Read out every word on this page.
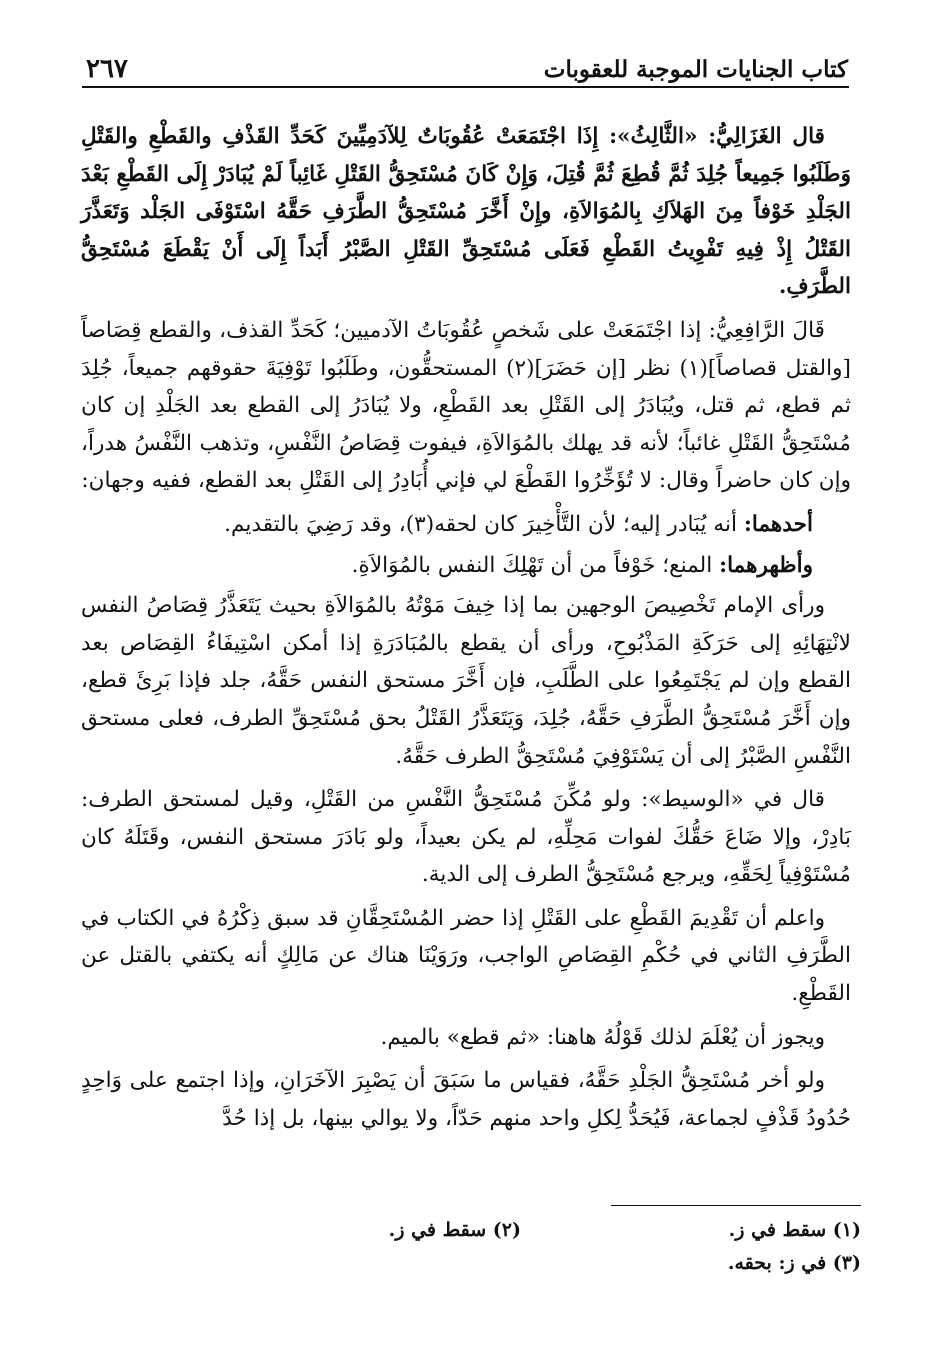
كتاب الجنايات الموجبة للعقوبات
٢٦٧

قال الغَزَالِيُّ: «الثَّالِثُ»: إِذَا اجْتَمَعَتْ عُقُوبَاتٌ لِلآدَمِيِّينَ كَحَدِّ القَذْفِ والقَطْعِ والقَتْلِ وَطَلَبُوا جَمِيعاً جُلِدَ ثُمَّ قُطِعَ ثُمَّ قُتِلَ، وَإِنْ كَانَ مُسْتَحِقُّ القَتْلِ غَائِباً لَمْ يُبَادَرْ إِلَى القَطْعِ بَعْدَ الجَلْدِ خَوْفاً مِنَ الهَلاَكِ بِالمُوَالاَةِ، وإِنْ أَخَّرَ مُسْتَحِقُّ الطَّرَفِ حَقَّهُ اسْتَوْفَى الجَلْد وَتَعَذَّرَ القَتْلُ إِذْ فِيهِ تَفْوِيتُ القَطْعِ فَعَلَى مُسْتَحِقِّ القَتْلِ الصَّبْرُ أَبَداً إِلَى أَنْ يَقْطَعَ مُسْتَحِقُّ الطَّرَفِ.

قَالَ الرَّافِعِيُّ: إذا اجْتَمَعَتْ على شَخصٍ عُقُوبَاتُ الآدميين؛ كَحَدِّ القذف، والقطع قِصَاصاً [والقتل قصاصاً](١) نظر [إن حَضَرَ](٢) المستحقُّون، وطَلَبُوا تَوْفِيَةَ حقوقهم جميعاً، جُلِدَ ثم قطع، ثم قتل، ويُبَادَرُ إلى القَتْلِ بعد القَطْعِ، ولا يُبَادَرُ إلى القطع بعد الجَلْدِ إن كان مُسْتَحِقُّ القَتْلِ غائباً؛ لأنه قد يهلك بالمُوَالاَةِ، فيفوت قِصَاصُ النَّفْسِ، وتذهب النَّفْسُ هدراً، وإن كان حاضراً وقال: لا تُؤَخِّرُوا القَطْعَ لي فإني أُبَادِرُ إلى القَتْلِ بعد القطع، ففيه وجهان:

أحدهما: أنه يُبَادر إليه؛ لأن التَّأْخِيرَ كان لحقه(٣)، وقد رَضِيَ بالتقديم.

وأظهرهما: المنع؛ خَوْفاً من أن تَهْلِكَ النفس بالمُوَالاَةِ.

ورأى الإمام تَخْصِيصَ الوجهين بما إذا خِيفَ مَوْتُهُ بالمُوَالاَةِ بحيث يَتَعَذَّرُ قِصَاصُ النفس لانْتِهَائِهِ إلى حَرَكَةِ المَذْبُوحِ، ورأى أن يقطع بالمُبَادَرَةِ إذا أمكن اسْتِيفَاءُ القِصَاص بعد القطع وإن لم يَجْتَمِعُوا على الطَّلَبِ، فإن أَخَّرَ مستحق النفس حَقَّهُ، جلد فإذا بَرِئَ قطع، وإن أَخَّرَ مُسْتَحِقُّ الطَّرَفِ حَقَّهُ، جُلِدَ، وَيَتَعَذَّرُ القَتْلُ بحق مُسْتَحِقِّ الطرف، فعلى مستحق النَّفْسِ الصَّبْرُ إلى أن يَسْتَوْفِيَ مُسْتَحِقُّ الطرف حَقَّهُ.

قال في «الوسيط»: ولو مُكِّنَ مُسْتَحِقُّ النَّفْسِ من القَتْلِ، وقيل لمستحق الطرف: بَادِرْ، وإلا ضَاعَ حَقُّكَ لفوات مَحِلِّهِ، لم يكن بعيداً، ولو بَادَرَ مستحق النفس، وقَتَلَهُ كان مُسْتَوْفِياً لِحَقِّهِ، ويرجع مُسْتَحِقُّ الطرف إلى الدية.

واعلم أن تَقْدِيمَ القَطْعِ على القَتْلِ إذا حضر المُسْتَحِقَّانِ قد سبق ذِكْرُهُ في الكتاب في الطَّرَفِ الثاني في حُكْمِ القِصَاصِ الواجب، ورَوَيْنَا هناك عن مَالِكٍ أنه يكتفي بالقتل عن القَطْعِ.

ويجوز أن يُعْلَمَ لذلك قَوْلُهُ هاهنا: «ثم قطع» بالميم.

ولو أخر مُسْتَحِقُّ الجَلْدِ حَقَّهُ، فقياس ما سَبَقَ أن يَصْبِرَ الآخَرَانِ، وإذا اجتمع على وَاحِدٍ حُدُودُ قَذْفٍ لجماعة، فَيُحَدُّ لِكلِ واحد منهم حَدّاً، ولا يوالي بينها، بل إذا حُدَّ

(١) سقط في ز.
(٢) سقط في ز.
(٣) في ز: بحقه.
